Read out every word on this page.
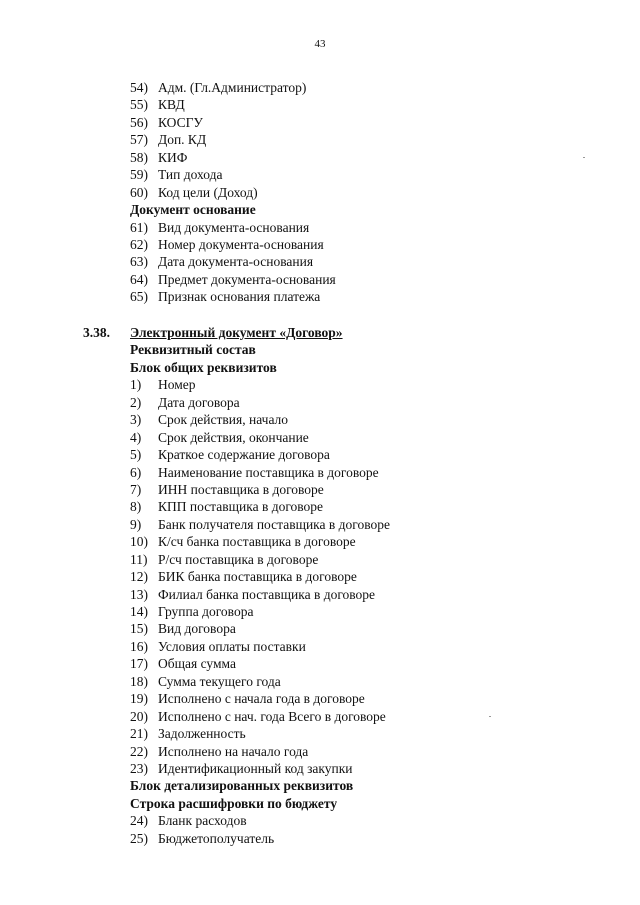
43
54) Адм. (Гл.Администратор)
55) КВД
56) КОСГУ
57) Доп. КД
58) КИФ
59) Тип дохода
60) Код цели (Доход)
Документ основание
61) Вид документа-основания
62) Номер документа-основания
63) Дата документа-основания
64) Предмет документа-основания
65) Признак основания платежа
3.38.	Электронный документ «Договор»
Реквизитный состав
Блок общих реквизитов
1)	Номер
2)	Дата договора
3)	Срок действия, начало
4)	Срок действия, окончание
5)	Краткое содержание договора
6)	Наименование поставщика в договоре
7)	ИНН поставщика в договоре
8)	КПП поставщика в договоре
9)	Банк получателя поставщика в договоре
10) К/сч банка поставщика в договоре
11) Р/сч поставщика в договоре
12) БИК банка поставщика в договоре
13) Филиал банка поставщика в договоре
14) Группа договора
15) Вид договора
16) Условия оплаты поставки
17) Общая сумма
18) Сумма текущего года
19) Исполнено с начала года в договоре
20) Исполнено с нач. года Всего в договоре
21) Задолженность
22) Исполнено на начало года
23) Идентификационный код закупки
Блок детализированных реквизитов
Строка расшифровки по бюджету
24) Бланк расходов
25) Бюджетополучатель
